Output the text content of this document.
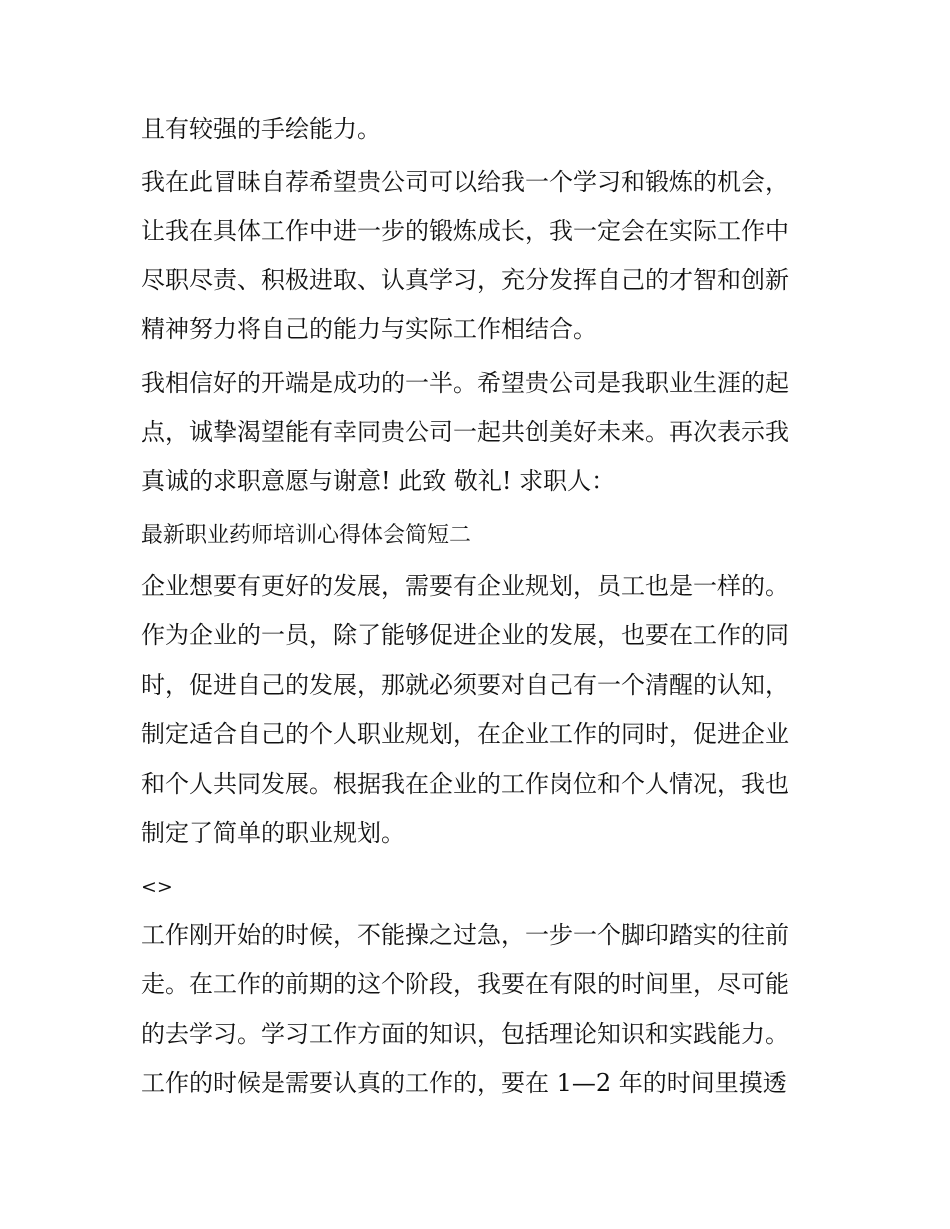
且有较强的手绘能力。
我在此冒昧自荐希望贵公司可以给我一个学习和锻炼的机会，
让我在具体工作中进一步的锻炼成长，我一定会在实际工作中
尽职尽责、积极进取、认真学习，充分发挥自己的才智和创新
精神努力将自己的能力与实际工作相结合。
我相信好的开端是成功的一半。希望贵公司是我职业生涯的起
点，诚挚渴望能有幸同贵公司一起共创美好未来。再次表示我
真诚的求职意愿与谢意! 此致 敬礼! 求职人：
最新职业药师培训心得体会简短二
企业想要有更好的发展，需要有企业规划，员工也是一样的。
作为企业的一员，除了能够促进企业的发展，也要在工作的同
时，促进自己的发展，那就必须要对自己有一个清醒的认知，
制定适合自己的个人职业规划，在企业工作的同时，促进企业
和个人共同发展。根据我在企业的工作岗位和个人情况，我也
制定了简单的职业规划。
<>
工作刚开始的时候，不能操之过急，一步一个脚印踏实的往前
走。在工作的前期的这个阶段，我要在有限的时间里，尽可能
的去学习。学习工作方面的知识，包括理论知识和实践能力。
工作的时候是需要认真的工作的，要在 1—2 年的时间里摸透
